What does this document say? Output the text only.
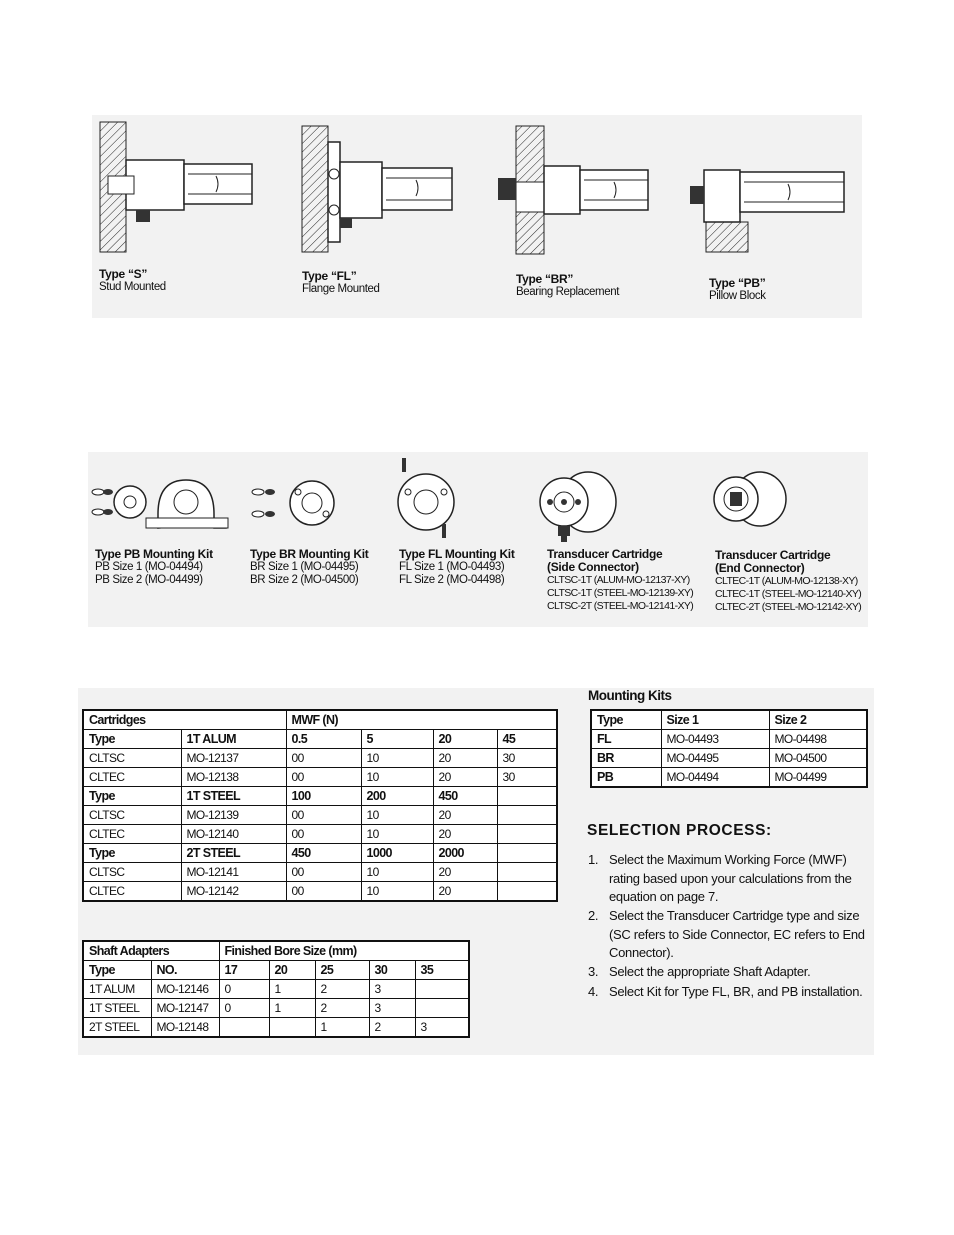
Type “S”
Stud Mounted
Type “FL”
Flange Mounted
Type “BR”
Bearing Replacement
Type “PB”
Pillow Block
Type PB Mounting Kit
PB Size 1 (MO-04494)
PB Size 2 (MO-04499)
Type BR Mounting Kit
BR Size 1 (MO-04495)
BR Size 2 (MO-04500)
Type FL Mounting Kit
FL Size 1 (MO-04493)
FL Size 2 (MO-04498)
Transducer Cartridge
(Side Connector)
CLTSC-1T (ALUM-MO-12137-XY)
CLTSC-1T (STEEL-MO-12139-XY)
CLTSC-2T (STEEL-MO-12141-XY)
Transducer Cartridge
(End Connector)
CLTEC-1T (ALUM-MO-12138-XY)
CLTEC-1T (STEEL-MO-12140-XY)
CLTEC-2T (STEEL-MO-12142-XY)
Cartridges		MWF (N)			
Type	1T ALUM	0.5	5	20	45
CLTSC	MO-12137	00	10	20	30
CLTEC	MO-12138	00	10	20	30
Type	1T STEEL	100	200	450	
CLTSC	MO-12139	00	10	20	
CLTEC	MO-12140	00	10	20	
Type	2T STEEL	450	1000	2000	
CLTSC	MO-12141	00	10	20	
CLTEC	MO-12142	00	10	20	
Shaft Adapters		Finished Bore Size (mm)				
Type	NO.	17	20	25	30	35
1T ALUM	MO-12146	0	1	2	3	
1T STEEL	MO-12147	0	1	2	3	
2T STEEL	MO-12148			1	2	3
Mounting Kits
Type	Size 1	Size 2
FL	MO-04493	MO-04498
BR	MO-04495	MO-04500
PB	MO-04494	MO-04499
SELECTION PROCESS:
1. Select the Maximum Working Force (MWF) rating based upon your calculations from the equation on page 7.
2. Select the Transducer Cartridge type and size (SC refers to Side Connector, EC refers to End Connector).
3. Select the appropriate Shaft Adapter.
4. Select Kit for Type FL, BR, and PB installation.
